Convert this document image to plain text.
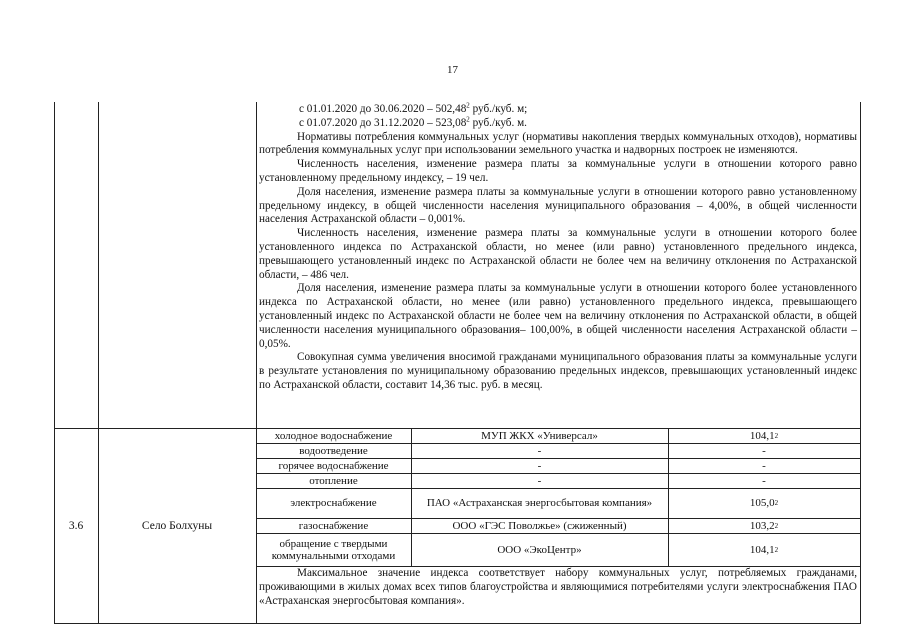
17

с 01.01.2020 до 30.06.2020 – 502,48$^2$ руб./куб. м;

с 01.07.2020 до 31.12.2020 – 523,08$^2$ руб./куб. м.

Нормативы потребления коммунальных услуг (нормативы накопления твердых коммунальных отходов), нормативы потребления коммунальных услуг при использовании земельного участка и надворных построек не изменяются.

Численность населения, изменение размера платы за коммунальные услуги в отношении которого равно установленному предельному индексу, – 19 чел.

Доля населения, изменение размера платы за коммунальные услуги в отношении которого равно установленному предельному индексу, в общей численности населения муниципального образования – 4,00%, в общей численности населения Астраханской области – 0,001%.

Численность населения, изменение размера платы за коммунальные услуги в отношении которого более установленного индекса по Астраханской области, но менее (или равно) установленного предельного индекса, превышающего установленный индекс по Астраханской области не более чем на величину отклонения по Астраханской области, – 486 чел.

Доля населения, изменение размера платы за коммунальные услуги в отношении которого более установленного индекса по Астраханской области, но менее (или равно) установленного предельного индекса, превышающего установленный индекс по Астраханской области не более чем на величину отклонения по Астраханской области, в общей численности населения муниципального образования– 100,00%, в общей численности населения Астраханской области – 0,05%.

Совокупная сумма увеличения вносимой гражданами муниципального образования платы за коммунальные услуги в результате установления по муниципальному образованию предельных индексов, превышающих установленный индекс по Астраханской области, составит 14,36 тыс. руб. в месяц.

3.6	Село Болхуны
холодное водоснабжение	МУП ЖКХ «Универсал»	104,1 2
водоотведение	-	-
горячее водоснабжение	-	-
отопление	-	-
электроснабжение	ПАО «Астраханская энергосбытовая компания»	105,0 2
газоснабжение	ООО «ГЭС Поволжье» (сжиженный)	103,2 2
обращение с твердыми коммунальными отходами	ООО «ЭкоЦентр»	104,1 2
Максимальное значение индекса соответствует набору коммунальных услуг, потребляемых гражданами, проживающими в жилых домах всех типов благоустройства и являющимися потребителями услуги электроснабжения ПАО «Астраханская энергосбытовая компания».
